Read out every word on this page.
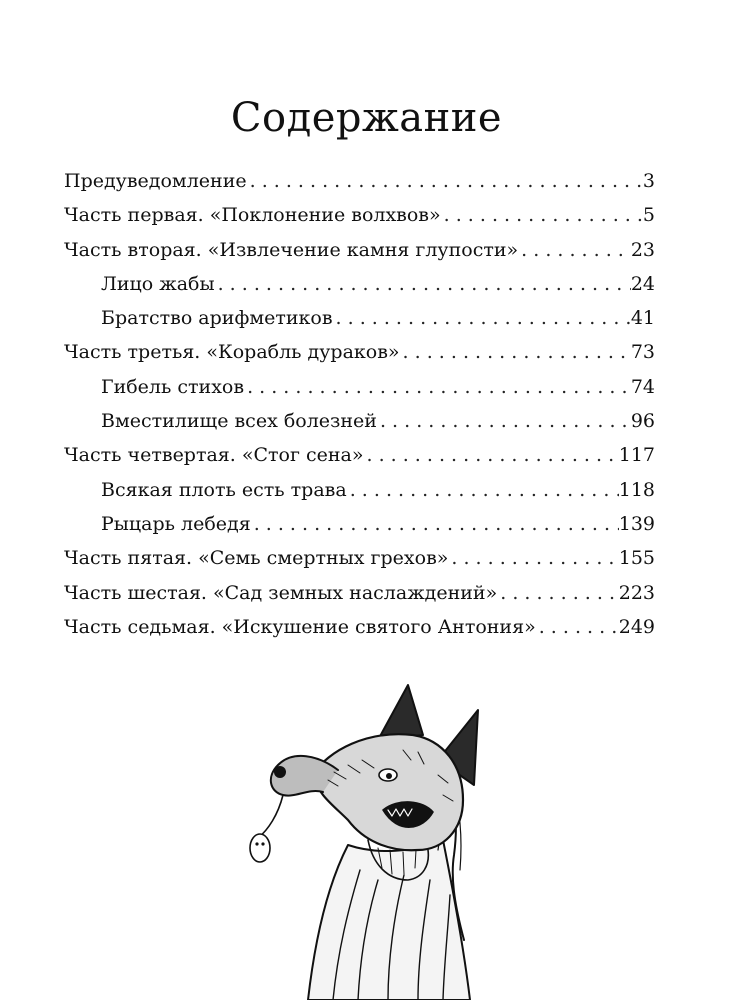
Содержание
Предуведомление . . .	3
Часть первая. «Поклонение волхвов» . . .	5
Часть вторая. «Извлечение камня глупости» . . .	23
Лицо жабы . . .	24
Братство арифметиков . . .	41
Часть третья. «Корабль дураков» . . .	73
Гибель стихов . . .	74
Вместилище всех болезней . . .	96
Часть четвертая. «Стог сена» . . .	117
Всякая плоть есть трава . . .	118
Рыцарь лебедя . . .	139
Часть пятая. «Семь смертных грехов» . . .	155
Часть шестая. «Сад земных наслаждений» . . .	223
Часть седьмая. «Искушение святого Антония» . . .	249
